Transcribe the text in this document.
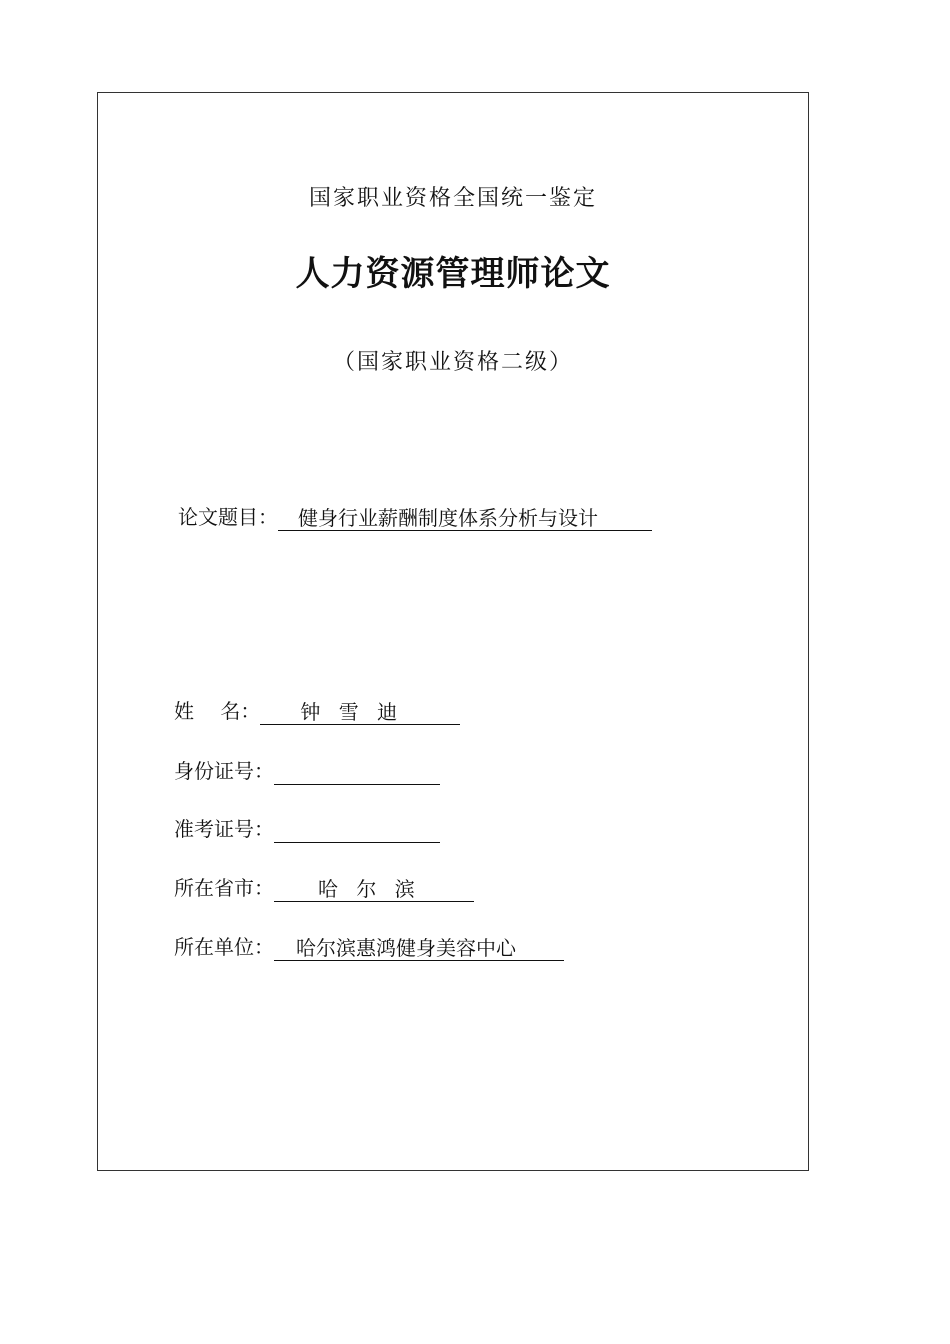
国家职业资格全国统一鉴定
人力资源管理师论文
（国家职业资格二级）
论文题目：	健身行业薪酬制度体系分析与设计
姓　 名：	钟 雪 迪
身份证号：
准考证号：
所在省市：	哈 尔 滨
所在单位：	哈尔滨惠鸿健身美容中心
